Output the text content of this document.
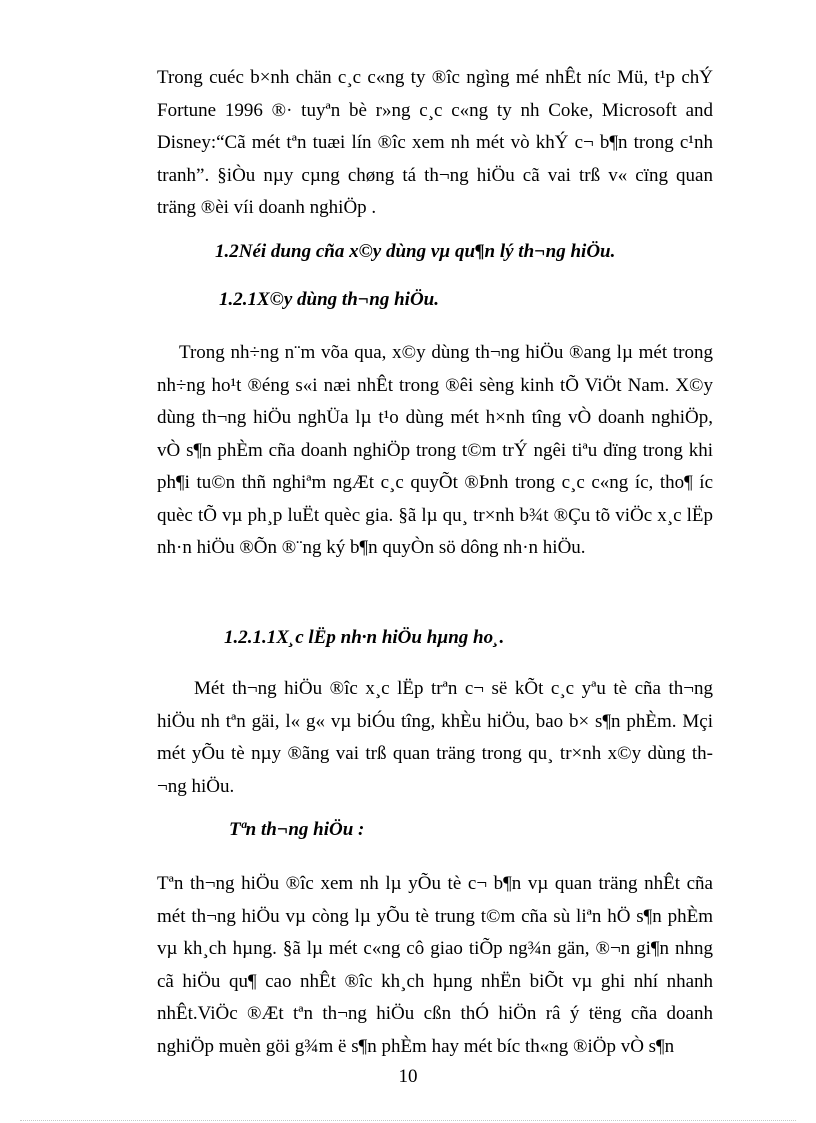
Trong cuéc b×nh chän c¸c c«ng ty ®îc ngìng mé nhÊt níc Mü, t¹p chÝ Fortune 1996 ®· tuyªn bè r»ng c¸c c«ng ty nh Coke, Microsoft and Disney:“Cã mét tªn tuæi lín ®îc xem nh mét vò khÝ c¬ b¶n trong c¹nh tranh”. §iÒu nµy cµng chøng tá th¬ng hiÖu cã vai trß v« cïng quan träng ®èi víi doanh nghiÖp .

1.2Néi dung cña x©y dùng vµ qu¶n lý th¬ng hiÖu.
1.2.1X©y dùng th¬ng hiÖu.

Trong nh÷ng n¨m võa qua, x©y dùng th¬ng hiÖu ®ang lµ mét trong nh÷ng ho¹t ®éng s«i næi nhÊt trong ®êi sèng kinh tÕ ViÖt Nam. X©y dùng th¬ng hiÖu nghÜa lµ t¹o dùng mét h×nh tîng vÒ doanh nghiÖp, vÒ s¶n phÈm cña doanh nghiÖp trong t©m trÝ ngêi tiªu dïng trong khi ph¶i tu©n thñ nghiªm ngÆt c¸c quyÕt ®Þnh trong c¸c c«ng íc, tho¶ íc quèc tÕ vµ ph¸p luËt quèc gia. §ã lµ qu¸ tr×nh b¾t ®Çu tõ viÖc x¸c lËp nh·n hiÖu ®Õn ®¨ng ký b¶n quyÒn sö dông nh·n hiÖu.

1.2.1.1X¸c lËp nh·n hiÖu hµng ho¸.

Mét th¬ng hiÖu ®îc x¸c lËp trªn c¬ së kÕt c¸c yªu tè cña th¬ng hiÖu nh tªn gäi, l« g« vµ biÓu tîng, khÈu hiÖu, bao b× s¶n phÈm. Mçi mét yÕu tè nµy ®ãng vai trß quan träng trong qu¸ tr×nh x©y dùng th¬ng hiÖu.

Tªn th¬ng hiÖu :

Tªn th¬ng hiÖu ®îc xem nh lµ yÕu tè c¬ b¶n vµ quan träng nhÊt cña mét th¬ng hiÖu vµ còng lµ yÕu tè trung t©m cña sù liªn hÖ s¶n phÈm vµ kh¸ch hµng. §ã lµ mét c«ng cô giao tiÕp ng¾n gän, ®¬n gi¶n nhng cã hiÖu qu¶ cao nhÊt ®îc kh¸ch hµng nhËn biÕt vµ ghi nhí nhanh nhÊt.ViÖc ®Æt tªn th¬ng hiÖu cßn thÓ hiÖn râ ý tëng cña doanh nghiÖp muèn göi g¾m ë s¶n phÈm hay mét bíc th«ng ®iÖp vÒ s¶n

10
